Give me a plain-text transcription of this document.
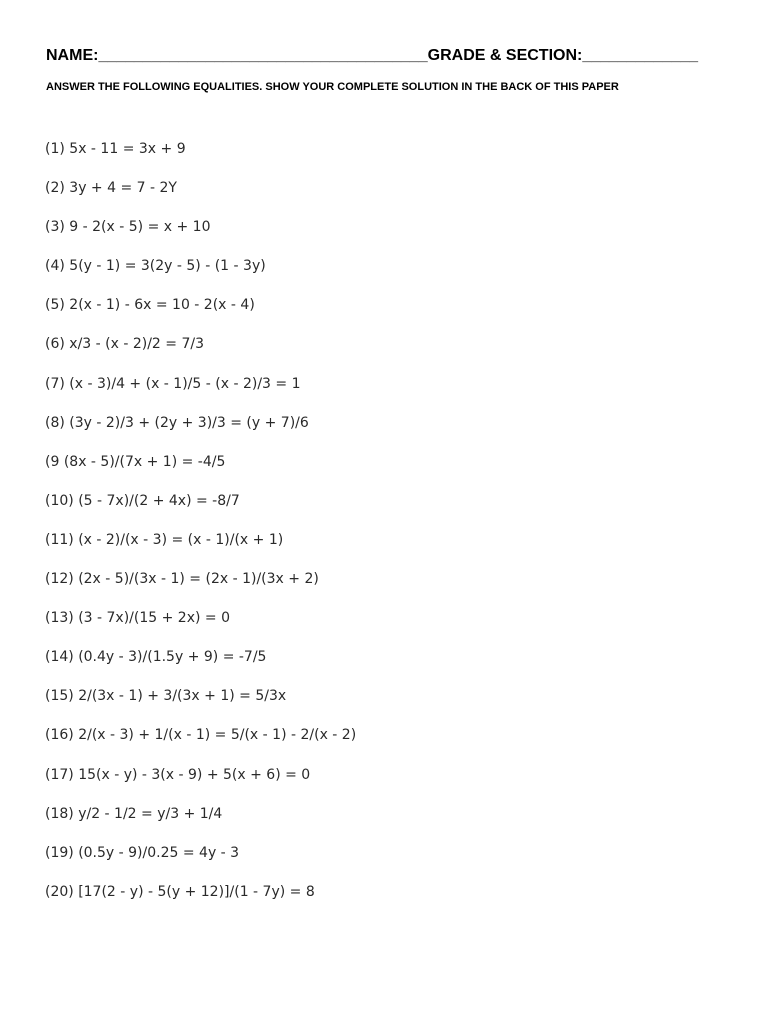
NAME:_____________________________________GRADE & SECTION:_____________
ANSWER THE FOLLOWING EQUALITIES. SHOW YOUR COMPLETE SOLUTION IN THE BACK OF THIS PAPER
(1) 5x - 11 = 3x + 9
(2) 3y + 4 = 7 - 2Y
(3) 9 - 2(x - 5) = x + 10
(4) 5(y - 1) = 3(2y - 5) - (1 - 3y)
(5) 2(x - 1) - 6x = 10 - 2(x - 4)
(6) x/3 - (x - 2)/2 = 7/3
(7) (x - 3)/4 + (x - 1)/5 - (x - 2)/3 = 1
(8) (3y - 2)/3 + (2y + 3)/3 = (y + 7)/6
(9 (8x - 5)/(7x + 1) = -4/5
(10) (5 - 7x)/(2 + 4x) = -8/7
(11) (x - 2)/(x - 3) = (x - 1)/(x + 1)
(12) (2x - 5)/(3x - 1) = (2x - 1)/(3x + 2)
(13) (3 - 7x)/(15 + 2x) = 0
(14) (0.4y - 3)/(1.5y + 9) = -7/5
(15) 2/(3x - 1) + 3/(3x + 1) = 5/3x
(16) 2/(x - 3) + 1/(x - 1) = 5/(x - 1) - 2/(x - 2)
(17) 15(x - y) - 3(x - 9) + 5(x + 6) = 0
(18) y/2 - 1/2 = y/3 + 1/4
(19) (0.5y - 9)/0.25 = 4y - 3
(20) [17(2 - y) - 5(y + 12)]/(1 - 7y) = 8
